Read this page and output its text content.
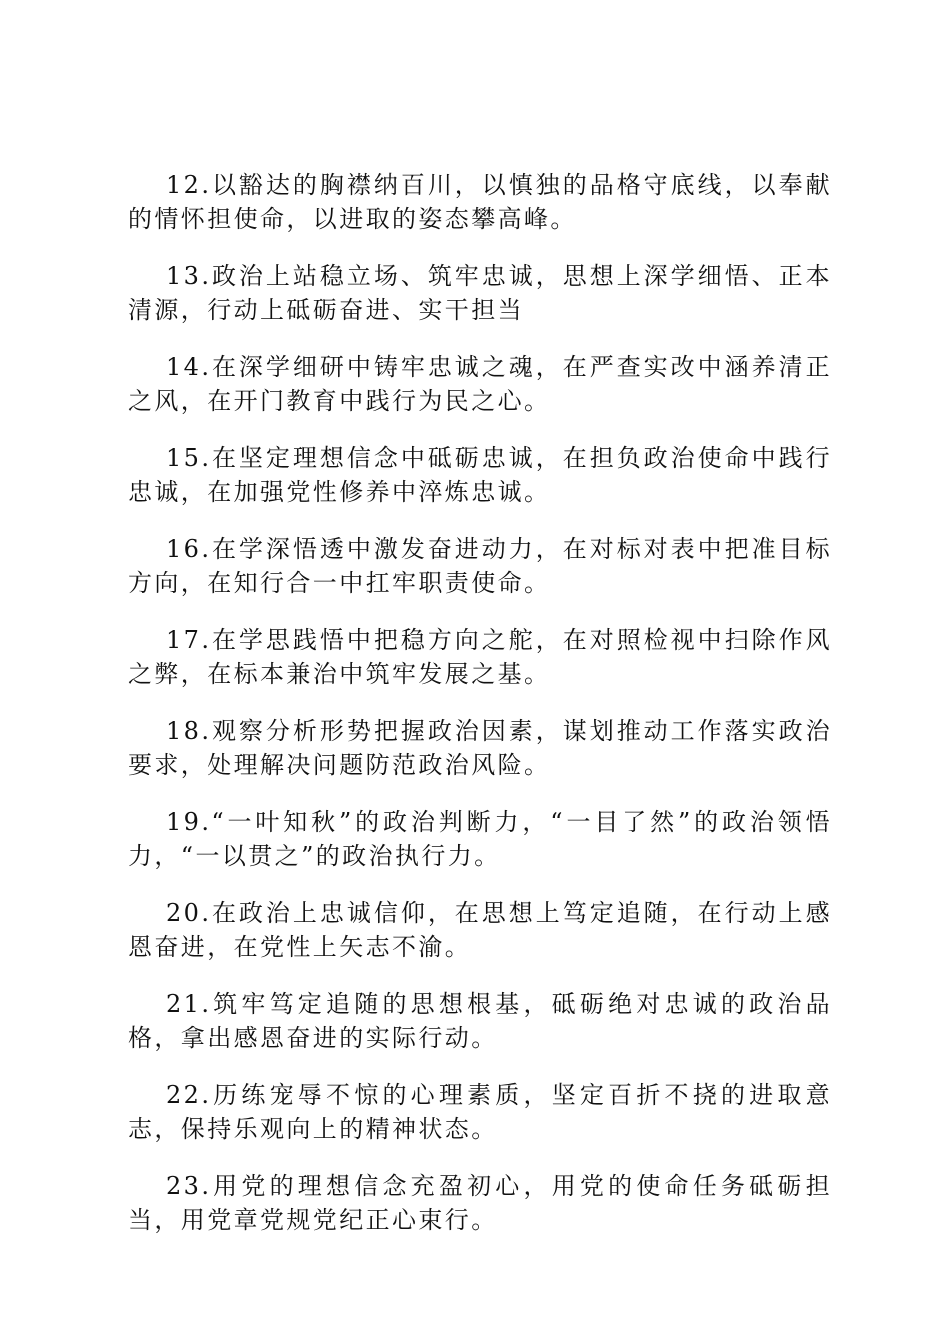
12.以豁达的胸襟纳百川，以慎独的品格守底线，以奉献的情怀担使命，以进取的姿态攀高峰。

13.政治上站稳立场、筑牢忠诚，思想上深学细悟、正本清源，行动上砥砺奋进、实干担当

14.在深学细研中铸牢忠诚之魂，在严查实改中涵养清正之风，在开门教育中践行为民之心。

15.在坚定理想信念中砥砺忠诚，在担负政治使命中践行忠诚，在加强党性修养中淬炼忠诚。

16.在学深悟透中激发奋进动力，在对标对表中把准目标方向，在知行合一中扛牢职责使命。

17.在学思践悟中把稳方向之舵，在对照检视中扫除作风之弊，在标本兼治中筑牢发展之基。

18.观察分析形势把握政治因素，谋划推动工作落实政治要求，处理解决问题防范政治风险。

19.“一叶知秋”的政治判断力，“一目了然”的政治领悟力，“一以贯之”的政治执行力。

20.在政治上忠诚信仰，在思想上笃定追随，在行动上感恩奋进，在党性上矢志不渝。

21.筑牢笃定追随的思想根基，砥砺绝对忠诚的政治品格，拿出感恩奋进的实际行动。

22.历练宠辱不惊的心理素质，坚定百折不挠的进取意志，保持乐观向上的精神状态。

23.用党的理想信念充盈初心，用党的使命任务砥砺担当，用党章党规党纪正心束行。
